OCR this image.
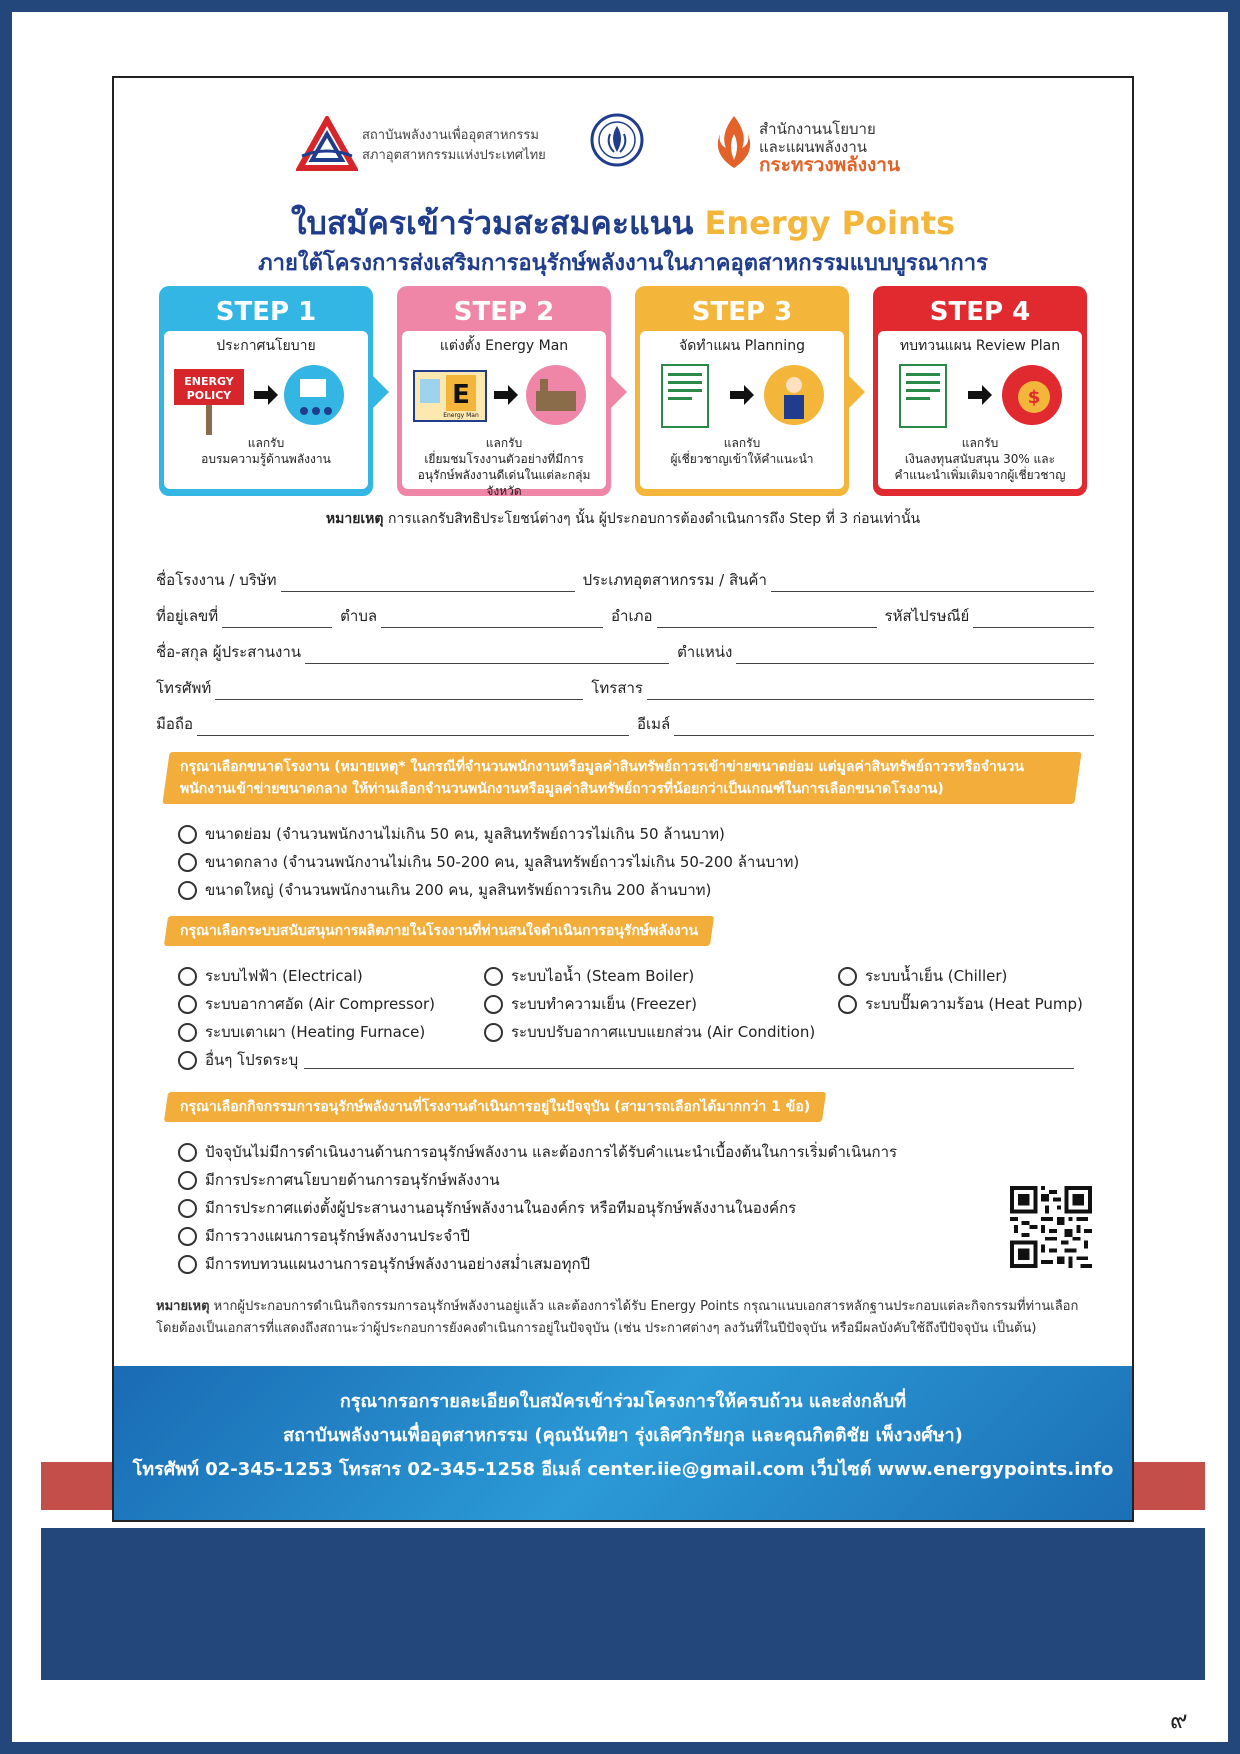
๙
สถาบันพลังงานเพื่ออุตสาหกรรม
สภาอุตสาหกรรมแห่งประเทศไทย
สำนักงานนโยบาย
และแผนพลังงาน
กระทรวงพลังงาน
ใบสมัครเข้าร่วมสะสมคะแนน Energy Points
ภายใต้โครงการส่งเสริมการอนุรักษ์พลังงานในภาคอุตสาหกรรมแบบบูรณาการ
STEP 1
ประกาศนโยบาย
ENERGY
POLICY
แลกรับ
อบรมความรู้ด้านพลังงาน
STEP 2
แต่งตั้ง Energy Man
E
Energy Man
แลกรับ
เยี่ยมชมโรงงานตัวอย่างที่มีการ
อนุรักษ์พลังงานดีเด่นในแต่ละกลุ่มจังหวัด
STEP 3
จัดทำแผน Planning
แลกรับ
ผู้เชี่ยวชาญเข้าให้คำแนะนำ
STEP 4
ทบทวนแผน Review Plan
$
แลกรับ
เงินลงทุนสนับสนุน 30% และ
คำแนะนำเพิ่มเติมจากผู้เชี่ยวชาญ
หมายเหตุ การแลกรับสิทธิประโยชน์ต่างๆ นั้น ผู้ประกอบการต้องดำเนินการถึง Step ที่ 3 ก่อนเท่านั้น
ชื่อโรงงาน / บริษัท	ประเภทอุตสาหกรรม / สินค้า
ที่อยู่เลขที่	ตำบล	อำเภอ	รหัสไปรษณีย์
ชื่อ-สกุล ผู้ประสานงาน	ตำแหน่ง
โทรศัพท์	โทรสาร
มือถือ	อีเมล์
กรุณาเลือกขนาดโรงงาน (หมายเหตุ* ในกรณีที่จำนวนพนักงานหรือมูลค่าสินทรัพย์ถาวรเข้าข่ายขนาดย่อม แต่มูลค่าสินทรัพย์ถาวรหรือจำนวน พนักงานเข้าข่ายขนาดกลาง ให้ท่านเลือกจำนวนพนักงานหรือมูลค่าสินทรัพย์ถาวรที่น้อยกว่าเป็นเกณฑ์ในการเลือกขนาดโรงงาน)
ขนาดย่อม (จำนวนพนักงานไม่เกิน 50 คน, มูลสินทรัพย์ถาวรไม่เกิน 50 ล้านบาท)
ขนาดกลาง (จำนวนพนักงานไม่เกิน 50-200 คน, มูลสินทรัพย์ถาวรไม่เกิน 50-200 ล้านบาท)
ขนาดใหญ่ (จำนวนพนักงานเกิน 200 คน, มูลสินทรัพย์ถาวรเกิน 200 ล้านบาท)
กรุณาเลือกระบบสนับสนุนการผลิตภายในโรงงานที่ท่านสนใจดำเนินการอนุรักษ์พลังงาน
ระบบไฟฟ้า (Electrical)
ระบบอากาศอัด (Air Compressor)
ระบบเตาเผา (Heating Furnace)
อื่นๆ โปรดระบุ
ระบบไอน้ำ (Steam Boiler)
ระบบทำความเย็น (Freezer)
ระบบปรับอากาศแบบแยกส่วน (Air Condition)
ระบบน้ำเย็น (Chiller)
ระบบปั๊มความร้อน (Heat Pump)
กรุณาเลือกกิจกรรมการอนุรักษ์พลังงานที่โรงงานดำเนินการอยู่ในปัจจุบัน (สามารถเลือกได้มากกว่า 1 ข้อ)
ปัจจุบันไม่มีการดำเนินงานด้านการอนุรักษ์พลังงาน และต้องการได้รับคำแนะนำเบื้องต้นในการเริ่มดำเนินการ
มีการประกาศนโยบายด้านการอนุรักษ์พลังงาน
มีการประกาศแต่งตั้งผู้ประสานงานอนุรักษ์พลังงานในองค์กร หรือทีมอนุรักษ์พลังงานในองค์กร
มีการวางแผนการอนุรักษ์พลังงานประจำปี
มีการทบทวนแผนงานการอนุรักษ์พลังงานอย่างสม่ำเสมอทุกปี
หมายเหตุ หากผู้ประกอบการดำเนินกิจกรรมการอนุรักษ์พลังงานอยู่แล้ว และต้องการได้รับ Energy Points กรุณาแนบเอกสารหลักฐานประกอบแต่ละกิจกรรมที่ท่านเลือก
โดยต้องเป็นเอกสารที่แสดงถึงสถานะว่าผู้ประกอบการยังคงดำเนินการอยู่ในปัจจุบัน (เช่น ประกาศต่างๆ ลงวันที่ในปีปัจจุบัน หรือมีผลบังคับใช้ถึงปีปัจจุบัน เป็นต้น)
กรุณากรอกรายละเอียดใบสมัครเข้าร่วมโครงการให้ครบถ้วน และส่งกลับที่
สถาบันพลังงานเพื่ออุตสาหกรรม (คุณนันทิยา รุ่งเลิศวิกรัยกุล และคุณกิตติชัย เพ็งวงศ์ษา)
โทรศัพท์ 02-345-1253 โทรสาร 02-345-1258 อีเมล์ center.iie@gmail.com เว็บไซต์ www.energypoints.info
